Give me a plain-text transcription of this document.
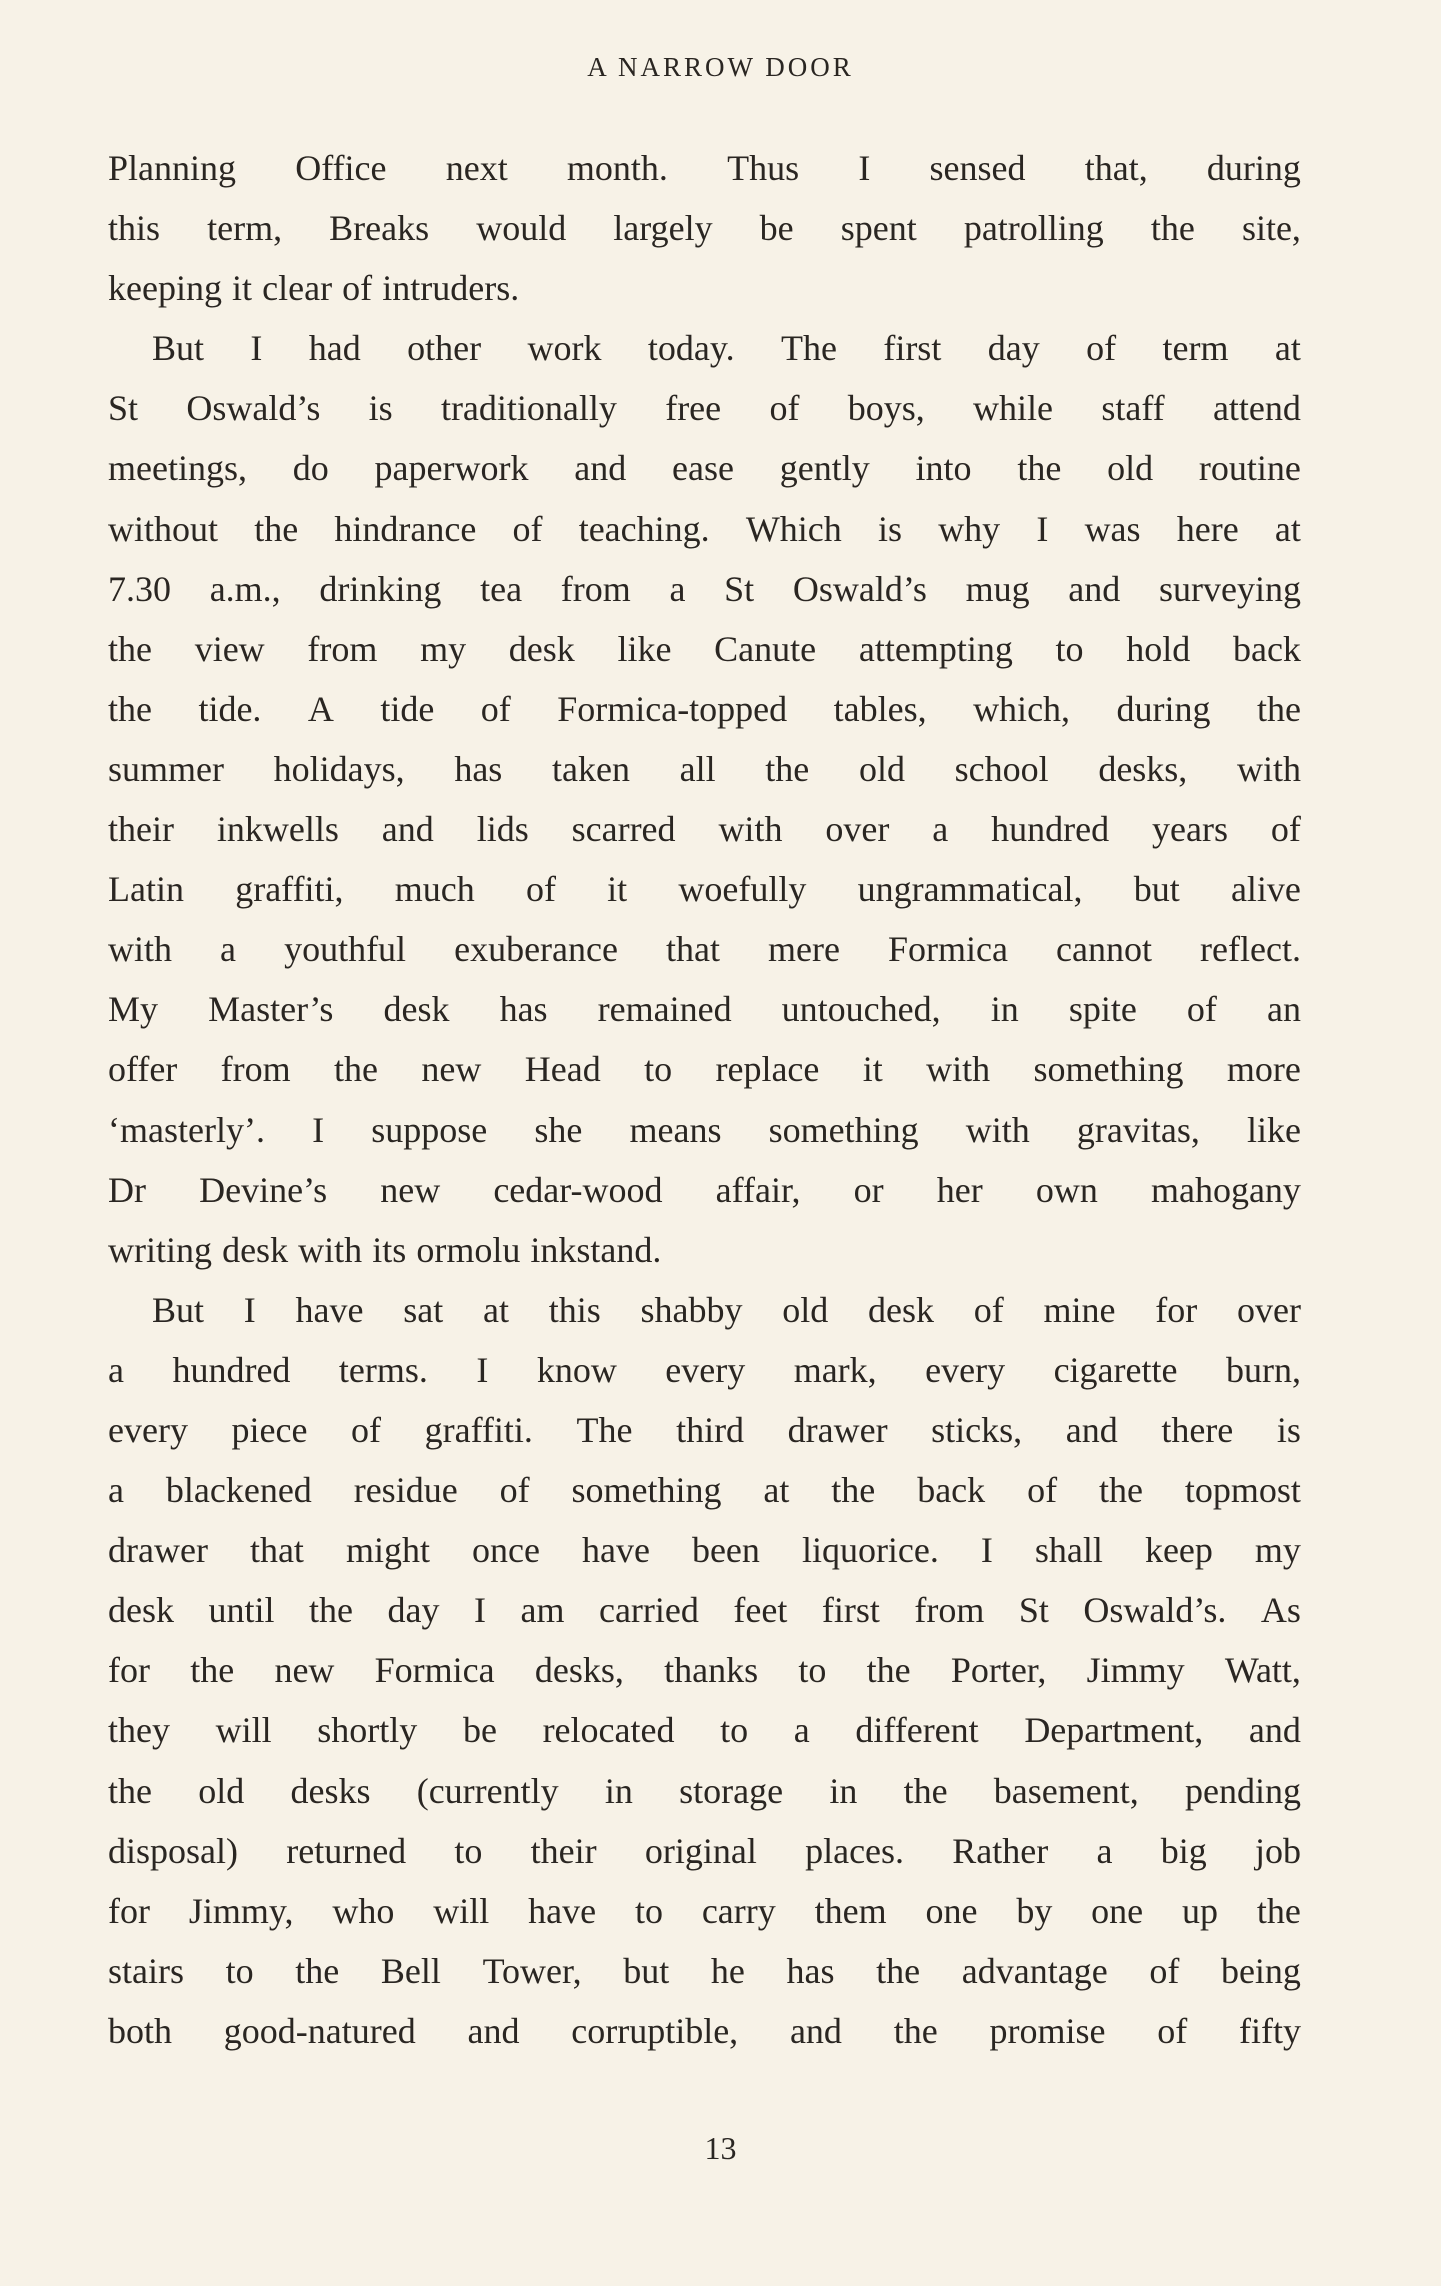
A NARROW DOOR
Planning Office next month. Thus I sensed that, during
this term, Breaks would largely be spent patrolling the site,
keeping it clear of intruders.
But I had other work today. The first day of term at
St Oswald’s is traditionally free of boys, while staff attend
meetings, do paperwork and ease gently into the old routine
without the hindrance of teaching. Which is why I was here at
7.30 a.m., drinking tea from a St Oswald’s mug and surveying
the view from my desk like Canute attempting to hold back
the tide. A tide of Formica-topped tables, which, during the
summer holidays, has taken all the old school desks, with
their inkwells and lids scarred with over a hundred years of
Latin graffiti, much of it woefully ungrammatical, but alive
with a youthful exuberance that mere Formica cannot reflect.
My Master’s desk has remained untouched, in spite of an
offer from the new Head to replace it with something more
‘masterly’. I suppose she means something with gravitas, like
Dr Devine’s new cedar-wood affair, or her own mahogany
writing desk with its ormolu inkstand.
But I have sat at this shabby old desk of mine for over
a hundred terms. I know every mark, every cigarette burn,
every piece of graffiti. The third drawer sticks, and there is
a blackened residue of something at the back of the topmost
drawer that might once have been liquorice. I shall keep my
desk until the day I am carried feet first from St Oswald’s. As
for the new Formica desks, thanks to the Porter, Jimmy Watt,
they will shortly be relocated to a different Department, and
the old desks (currently in storage in the basement, pending
disposal) returned to their original places. Rather a big job
for Jimmy, who will have to carry them one by one up the
stairs to the Bell Tower, but he has the advantage of being
both good-natured and corruptible, and the promise of fifty
13
